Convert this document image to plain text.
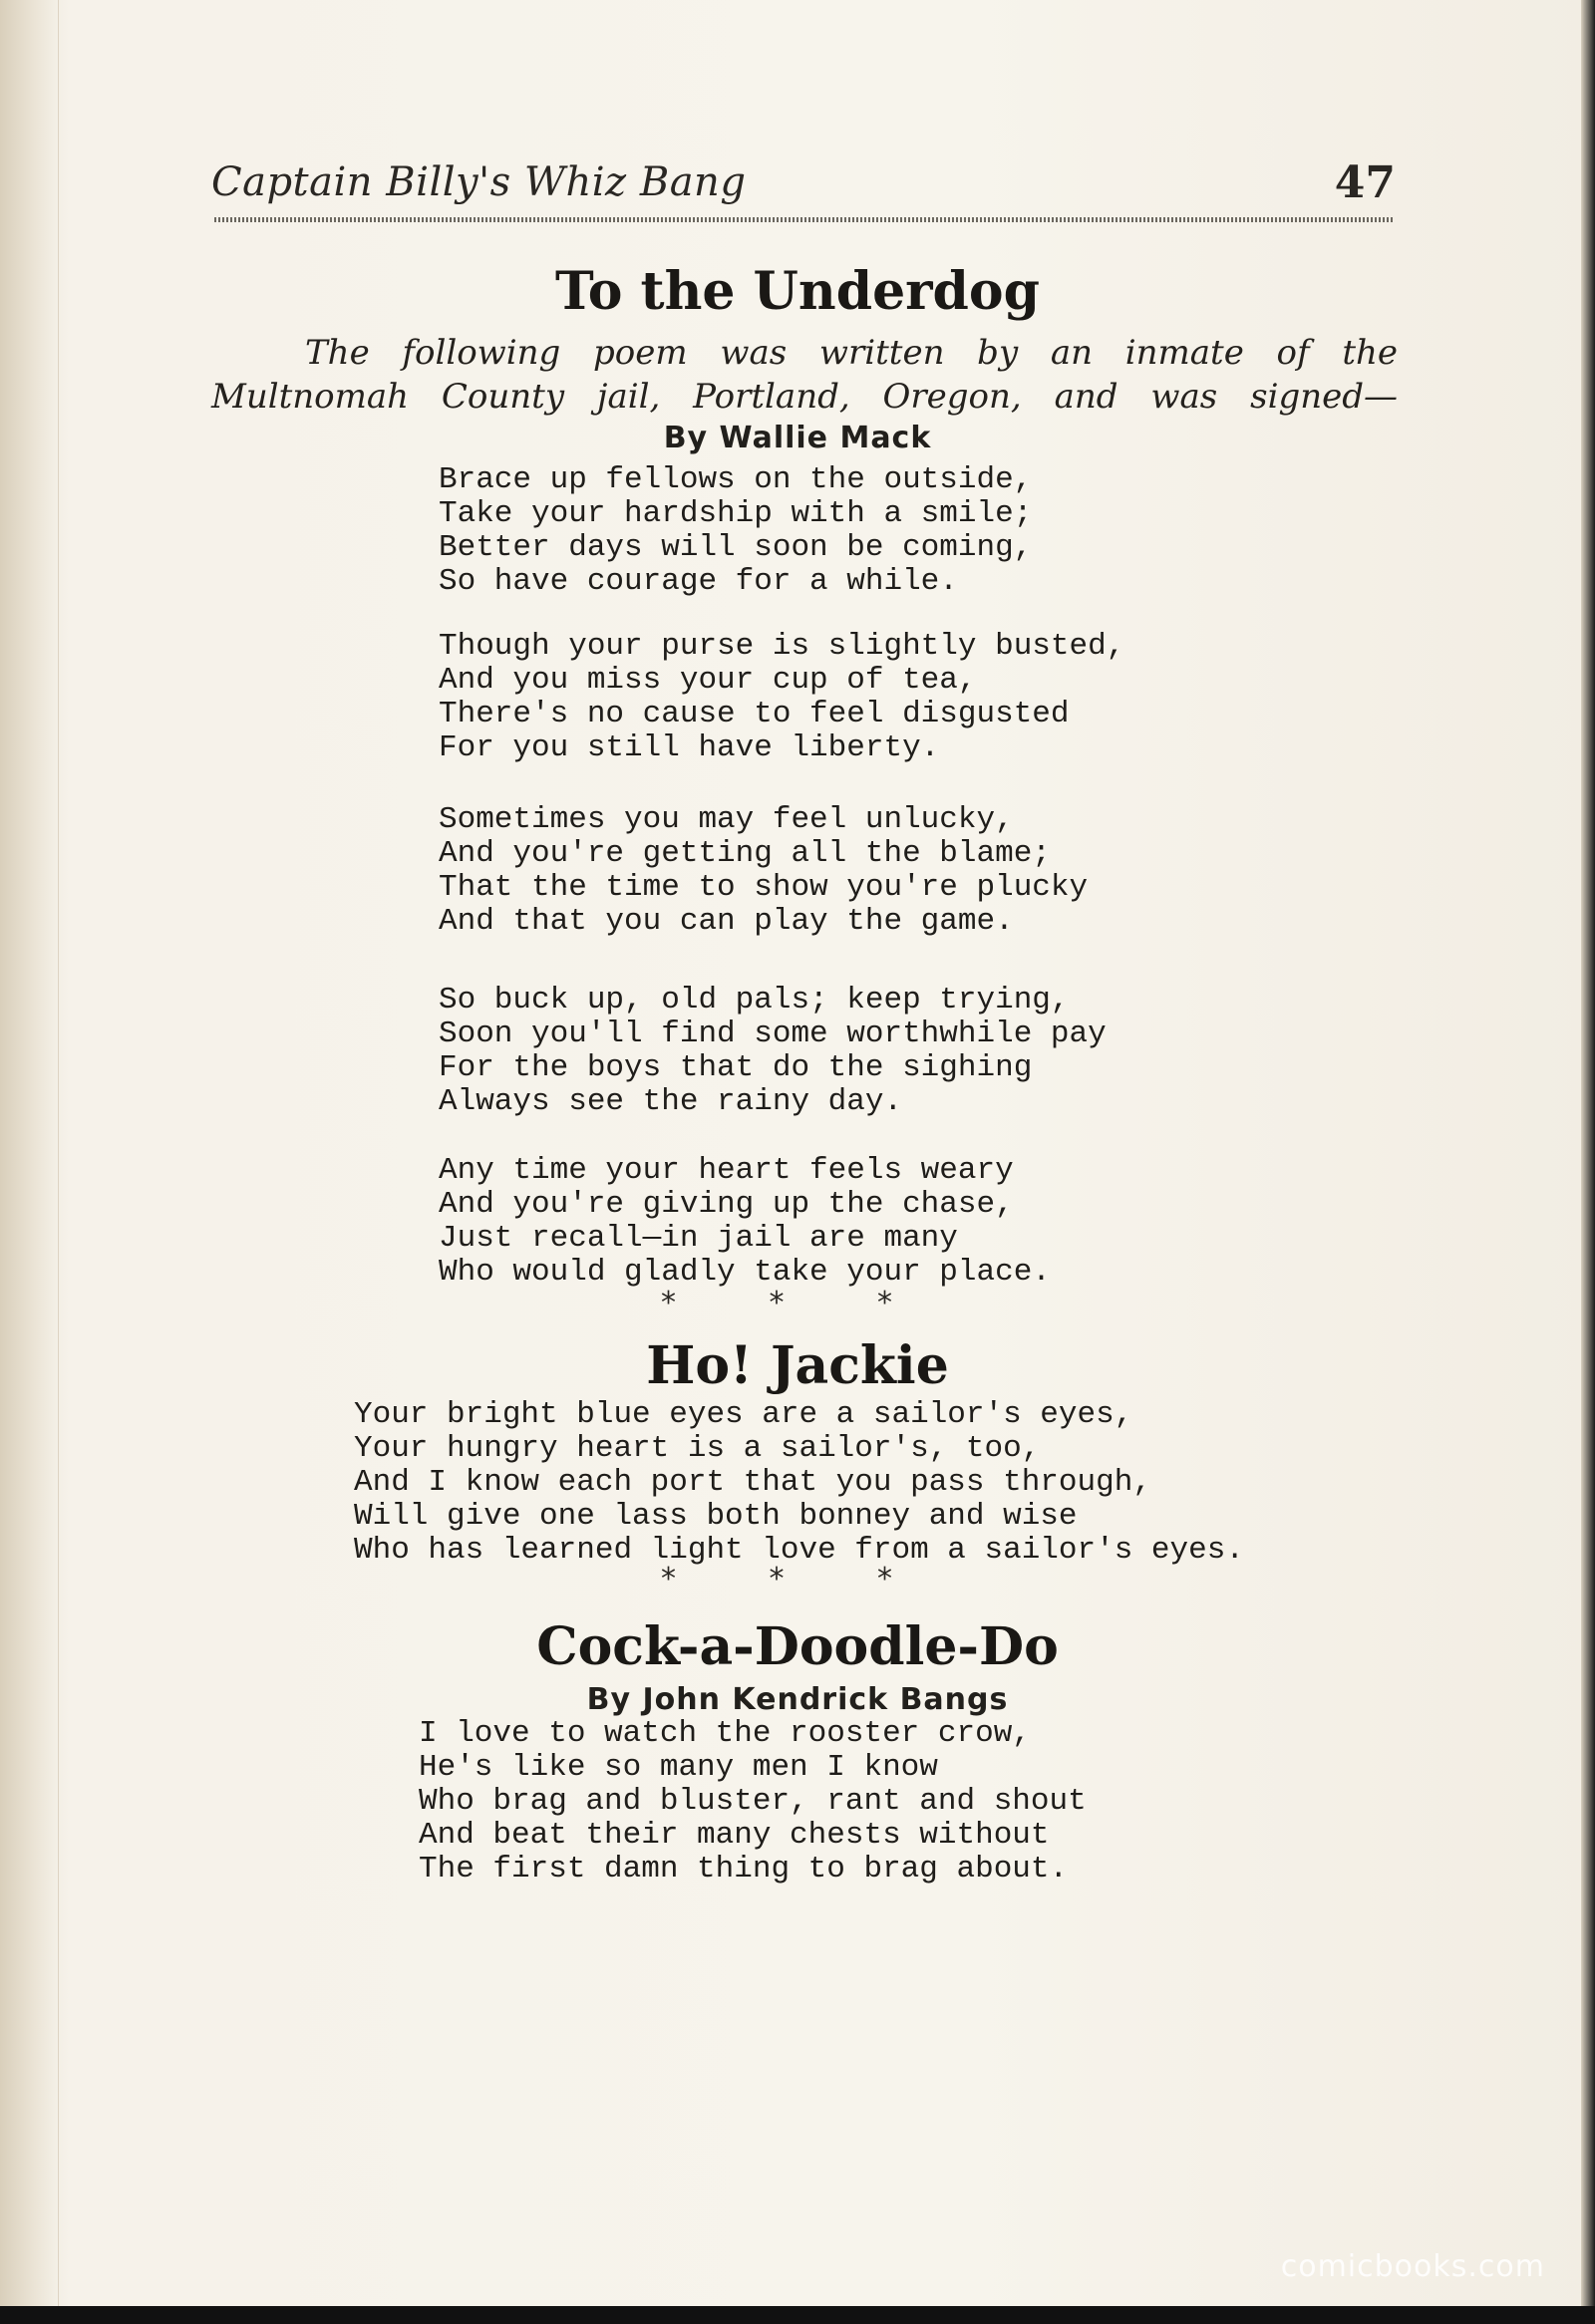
Captain Billy's Whiz Bang	47
To the Underdog

The following poem was written by an inmate of the

Multnomah County jail, Portland, Oregon, and was signed—

By Wallie Mack
Brace up fellows on the outside,
Take your hardship with a smile;
Better days will soon be coming,
So have courage for a while.
Though your purse is slightly busted,
And you miss your cup of tea,
There's no cause to feel disgusted
For you still have liberty.
Sometimes you may feel unlucky,
And you're getting all the blame;
That the time to show you're plucky
And that you can play the game.
So buck up, old pals; keep trying,
Soon you'll find some worthwhile pay
For the boys that do the sighing
Always see the rainy day.
Any time your heart feels weary
And you're giving up the chase,
Just recall—in jail are many
Who would gladly take your place.
* * *
Ho! Jackie
Your bright blue eyes are a sailor's eyes,
Your hungry heart is a sailor's, too,
And I know each port that you pass through,
Will give one lass both bonney and wise
Who has learned light love from a sailor's eyes.
* * *
Cock-a-Doodle-Do
By John Kendrick Bangs
I love to watch the rooster crow,
He's like so many men I know
Who brag and bluster, rant and shout
And beat their many chests without
The first damn thing to brag about.
comicbooks.com
